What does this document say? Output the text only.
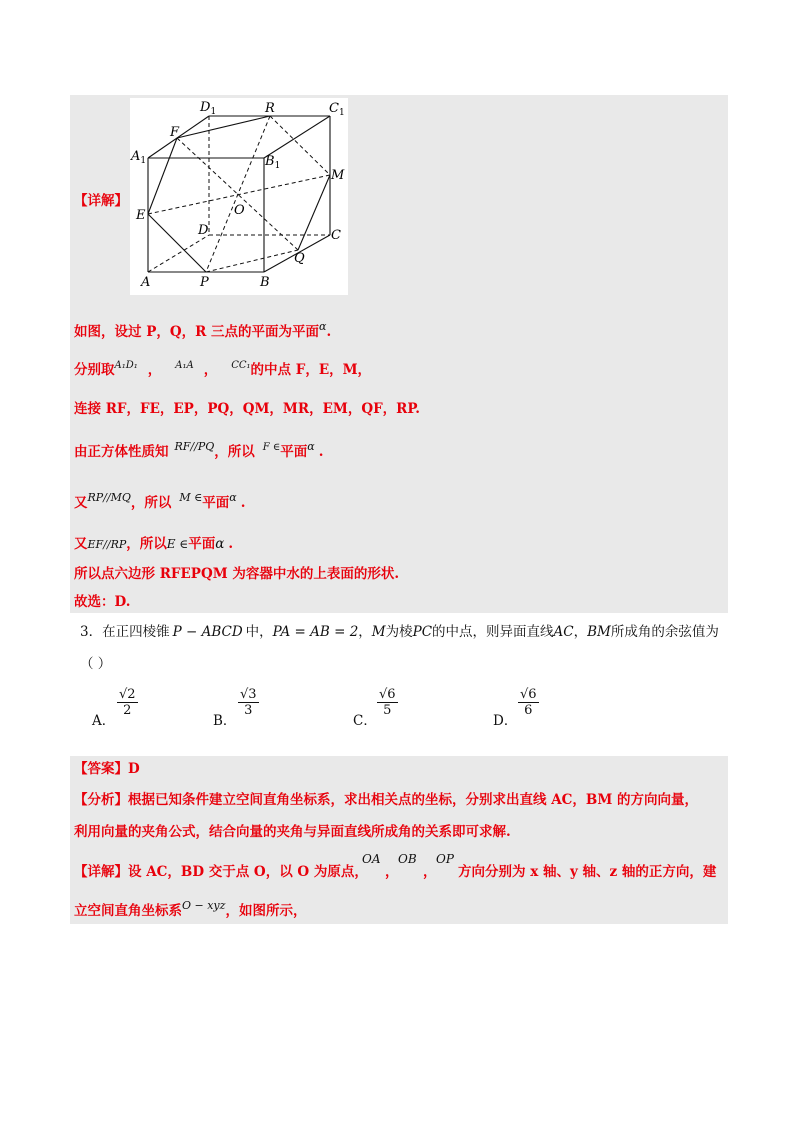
$D_1$	R	$C_1$
F
$A_1$	$B_1$
M
E	O
D	C
Q
A	P	B
【详解】
如图，设过 P，Q，R 三点的平面为平面$^\alpha$.
分别取$^{A_1D_1}$ ， $^{A_1A}$ ， $^{CC_1}$的中点 F，E，M，
连接 RF，FE，EP，PQ，QM，MR，EM，QF，RP.
由正方体性质知 $^{RF//PQ}$，所以 $^{F \in}$平面$^\alpha$ .
又$^{RP//MQ}$，所以 $^{M \in}$平面$^\alpha$ .
又EF//RP，所以E ∈平面α .
所以点六边形 RFEPQM 为容器中水的上表面的形状.
故选：D.
3．在正四棱锥 P − ABCD 中，PA = AB = 2，M为棱PC的中点，则异面直线AC，BM所成角的余弦值为
（ ）
A．
$\frac{√2}{2}$
B．
$\frac{√3}{3}$
C．
$\frac{√6}{5}$
D．
$\frac{√6}{6}$
【答案】D
【分析】根据已知条件建立空间直角坐标系，求出相关点的坐标，分别求出直线 AC，BM 的方向向量，
利用向量的夹角公式，结合向量的夹角与异面直线所成角的关系即可求解.
【详解】设 AC，BD 交于点 O，以 O 为原点，
OA
，
OB
，
OP
方向分别为 x 轴、y 轴、z 轴的正方向，建
立空间直角坐标系$^{O - xyz}$，如图所示，
